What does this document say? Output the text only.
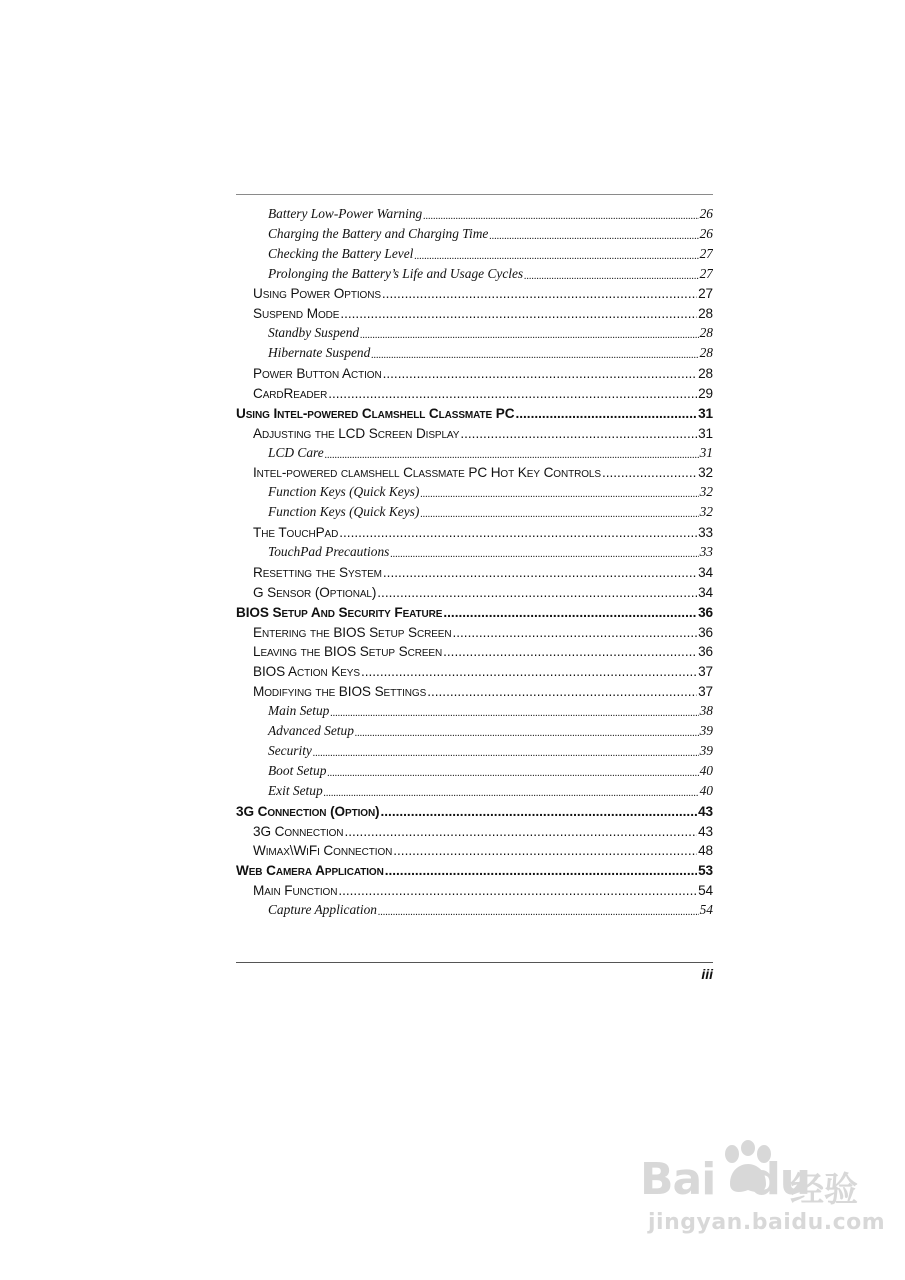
Battery Low-Power Warning .....	26
Charging the Battery and Charging Time .....	26
Checking the Battery Level .....	27
Prolonging the Battery’s Life and Usage Cycles .....	27
Using Power Options .....	27
Suspend Mode .....	28
Standby Suspend .....	28
Hibernate Suspend .....	28
Power Button Action .....	28
CardReader .....	29
Using Intel-powered Clamshell Classmate PC .....	31
Adjusting the LCD Screen Display .....	31
LCD Care .....	31
Intel-powered clamshell Classmate PC Hot Key Controls .....	32
Function Keys (Quick Keys) .....	32
Function Keys (Quick Keys) .....	32
The TouchPad .....	33
TouchPad Precautions .....	33
Resetting the System .....	34
G Sensor (Optional) .....	34
BIOS Setup And Security Feature .....	36
Entering the BIOS Setup Screen .....	36
Leaving the BIOS Setup Screen .....	36
BIOS Action Keys .....	37
Modifying the BIOS Settings .....	37
Main Setup .....	38
Advanced Setup .....	39
Security .....	39
Boot Setup .....	40
Exit Setup .....	40
3G Connection (Option) .....	43
3G Connection .....	43
Wimax\WiFi Connection .....	48
Web Camera Application .....	53
Main Function .....	54
Capture Application .....	54
iii
Bai du
经验
jingyan.baidu.com
